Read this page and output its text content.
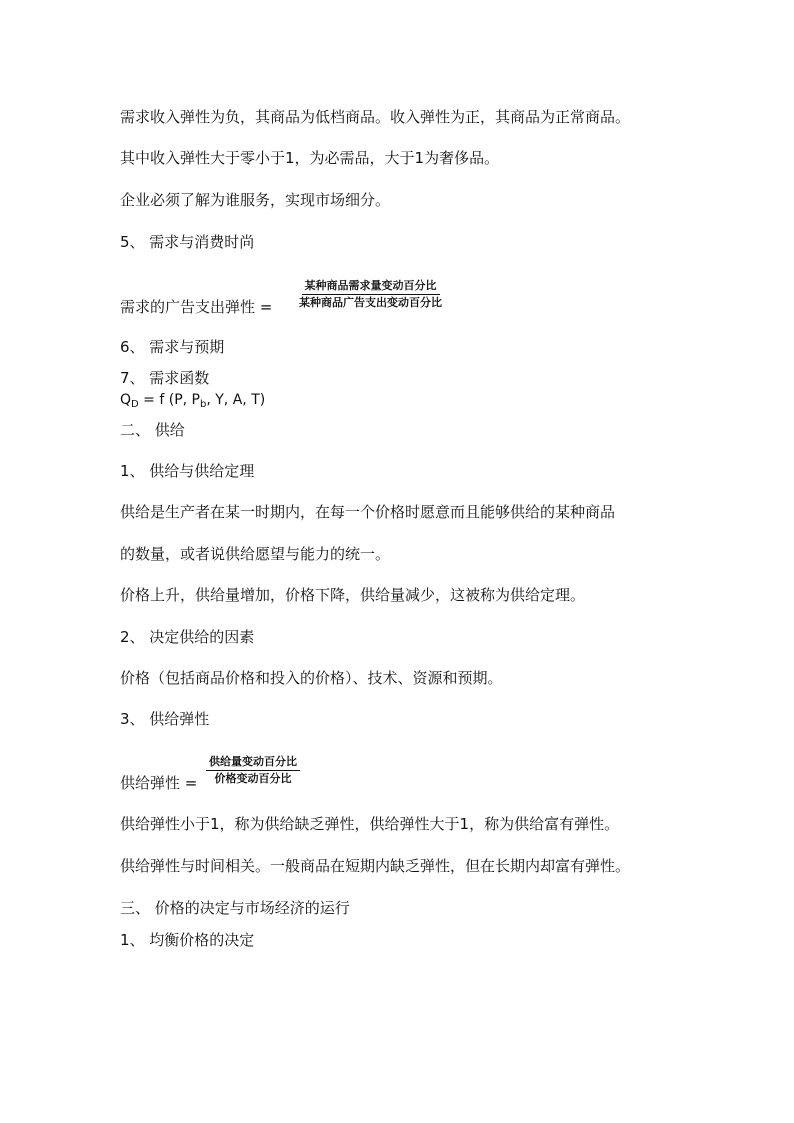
需求收入弹性为负，其商品为低档商品。收入弹性为正，其商品为正常商品。
其中收入弹性大于零小于1，为必需品，大于1为奢侈品。
企业必须了解为谁服务，实现市场细分。
5、 需求与消费时尚
需求的广告支出弹性 =
某种商品需求量变动百分比
某种商品广告支出变动百分比
6、 需求与预期
7、 需求函数
$Q_D = f$ (P, $P_b$, Y, A, T)
二、 供给
1、 供给与供给定理
供给是生产者在某一时期内，在每一个价格时愿意而且能够供给的某种商品
的数量，或者说供给愿望与能力的统一。
价格上升，供给量增加，价格下降，供给量减少，这被称为供给定理。
2、 决定供给的因素
价格（包括商品价格和投入的价格）、技术、资源和预期。
3、 供给弹性
供给弹性 =
供给量变动百分比
价格变动百分比
供给弹性小于1，称为供给缺乏弹性，供给弹性大于1，称为供给富有弹性。
供给弹性与时间相关。一般商品在短期内缺乏弹性，但在长期内却富有弹性。
三、 价格的决定与市场经济的运行
1、 均衡价格的决定
